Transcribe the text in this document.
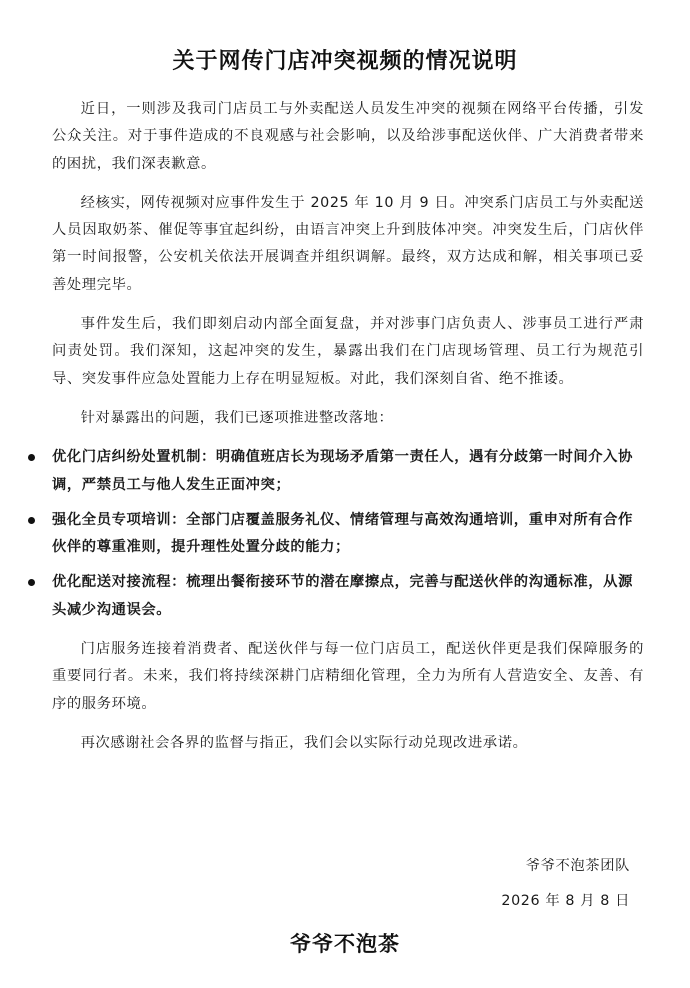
关于网传门店冲突视频的情况说明

近日，一则涉及我司门店员工与外卖配送人员发生冲突的视频在网络平台传播，引发公众关注。对于事件造成的不良观感与社会影响，以及给涉事配送伙伴、广大消费者带来的困扰，我们深表歉意。

经核实，网传视频对应事件发生于 2025 年 10 月 9 日。冲突系门店员工与外卖配送人员因取奶茶、催促等事宜起纠纷，由语言冲突上升到肢体冲突。冲突发生后，门店伙伴第一时间报警，公安机关依法开展调查并组织调解。最终，双方达成和解，相关事项已妥善处理完毕。

事件发生后，我们即刻启动内部全面复盘，并对涉事门店负责人、涉事员工进行严肃问责处罚。我们深知，这起冲突的发生，暴露出我们在门店现场管理、员工行为规范引导、突发事件应急处置能力上存在明显短板。对此，我们深刻自省、绝不推诿。

针对暴露出的问题，我们已逐项推进整改落地：

优化门店纠纷处置机制：明确值班店长为现场矛盾第一责任人，遇有分歧第一时间介入协调，严禁员工与他人发生正面冲突；
强化全员专项培训：全部门店覆盖服务礼仪、情绪管理与高效沟通培训，重申对所有合作伙伴的尊重准则，提升理性处置分歧的能力；
优化配送对接流程：梳理出餐衔接环节的潜在摩擦点，完善与配送伙伴的沟通标准，从源头减少沟通误会。

门店服务连接着消费者、配送伙伴与每一位门店员工，配送伙伴更是我们保障服务的重要同行者。未来，我们将持续深耕门店精细化管理，全力为所有人营造安全、友善、有序的服务环境。

再次感谢社会各界的监督与指正，我们会以实际行动兑现改进承诺。

爷爷不泡茶团队
2026 年 8 月 8 日
爷爷不泡茶
